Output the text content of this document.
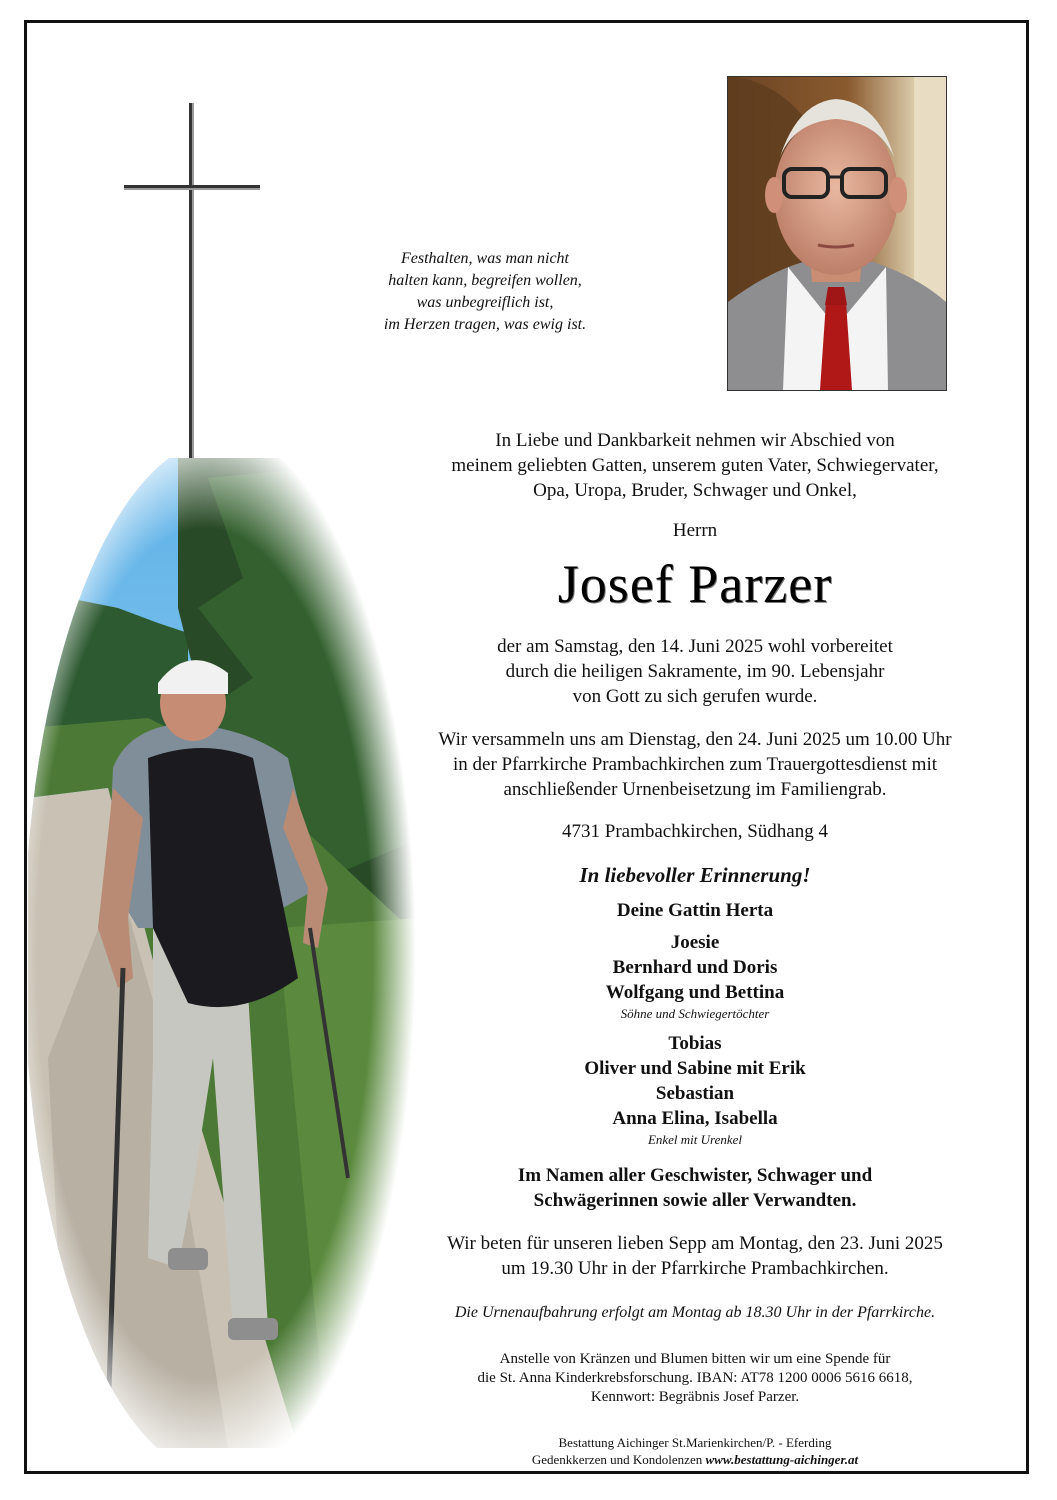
Festhalten, was man nicht
halten kann, begreifen wollen,
was unbegreiflich ist,
im Herzen tragen, was ewig ist.
In Liebe und Dankbarkeit nehmen wir Abschied von
meinem geliebten Gatten, unserem guten Vater, Schwiegervater,
Opa, Uropa, Bruder, Schwager und Onkel,
Herrn
Josef Parzer
der am Samstag, den 14. Juni 2025 wohl vorbereitet
durch die heiligen Sakramente, im 90. Lebensjahr
von Gott zu sich gerufen wurde.
Wir versammeln uns am Dienstag, den 24. Juni 2025 um 10.00 Uhr
in der Pfarrkirche Prambachkirchen zum Trauergottesdienst mit
anschließender Urnenbeisetzung im Familiengrab.
4731 Prambachkirchen, Südhang 4
In liebevoller Erinnerung!
Deine Gattin Herta
Joesie
Bernhard und Doris
Wolfgang und Bettina
Söhne und Schwiegertöchter
Tobias
Oliver und Sabine mit Erik
Sebastian
Anna Elina, Isabella
Enkel mit Urenkel
Im Namen aller Geschwister, Schwager und
Schwägerinnen sowie aller Verwandten.
Wir beten für unseren lieben Sepp am Montag, den 23. Juni 2025
um 19.30 Uhr in der Pfarrkirche Prambachkirchen.
Die Urnenaufbahrung erfolgt am Montag ab 18.30 Uhr in der Pfarrkirche.
Anstelle von Kränzen und Blumen bitten wir um eine Spende für
die St. Anna Kinderkrebsforschung. IBAN: AT78 1200 0006 5616 6618,
Kennwort: Begräbnis Josef Parzer.
Bestattung Aichinger St.Marienkirchen/P. - Eferding
Gedenkkerzen und Kondolenzen www.bestattung-aichinger.at
